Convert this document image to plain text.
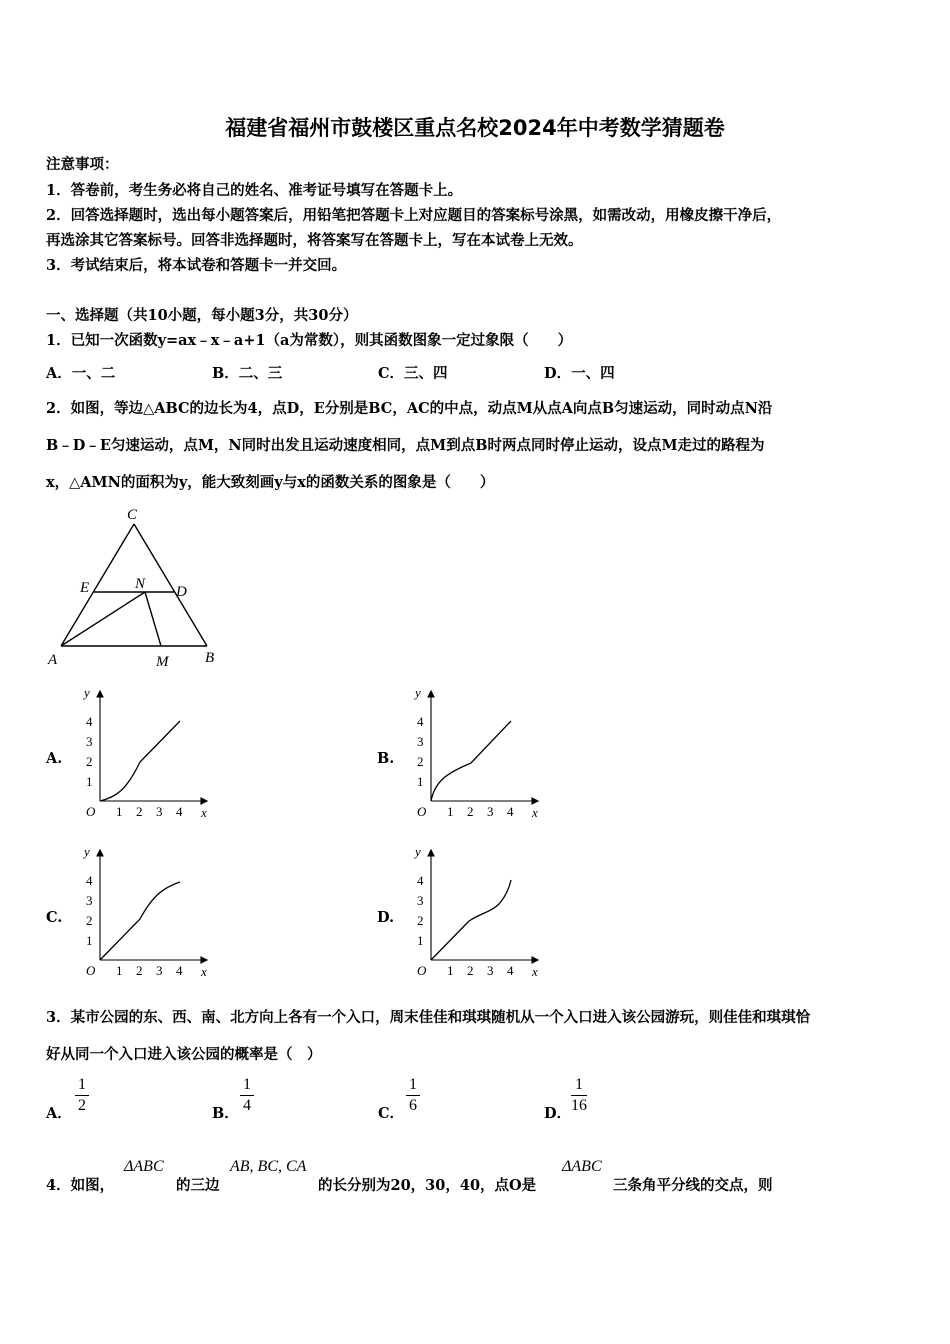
福建省福州市鼓楼区重点名校2024年中考数学猜题卷
注意事项：
1．答卷前，考生务必将自己的姓名、准考证号填写在答题卡上。
2．回答选择题时，选出每小题答案后，用铅笔把答题卡上对应题目的答案标号涂黑，如需改动，用橡皮擦干净后，
再选涂其它答案标号。回答非选择题时，将答案写在答题卡上，写在本试卷上无效。
3．考试结束后，将本试卷和答题卡一并交回。
一、选择题（共10小题，每小题3分，共30分）
1．已知一次函数y=ax﹣x﹣a+1（a为常数），则其函数图象一定过象限（　　）
A．一、二	B．二、三	C．三、四	D．一、四
2．如图，等边△ABC的边长为4，点D，E分别是BC，AC的中点，动点M从点A向点B匀速运动，同时动点N沿
B﹣D﹣E匀速运动，点M，N同时出发且运动速度相同，点M到点B时两点同时停止运动，设点M走过的路程为
x，△AMN的面积为y，能大致刻画y与x的函数关系的图象是（　　）
C
E	N D
A	M B
A.	B.
C.	D.
y
x
O 1 2 3 4
1
2
3
4
y
x
O 1 2 3 4
1
2
3
4
y
x
O 1 2 3 4
1
2
3
4
y
x
O 1 2 3 4
1
2
3
4
3．某市公园的东、西、南、北方向上各有一个入口，周末佳佳和琪琪随机从一个入口进入该公园游玩，则佳佳和琪琪恰
好从同一个入口进入该公园的概率是（　）
A． $\frac{1}{2}$	B． $\frac{1}{4}$	C． $\frac{1}{6}$	D． $\frac{1}{16}$
4．如图，
ΔABC
的三边
AB, BC, CA
的长分别为20，30，40，点O是
ΔABC
三条角平分线的交点，则
